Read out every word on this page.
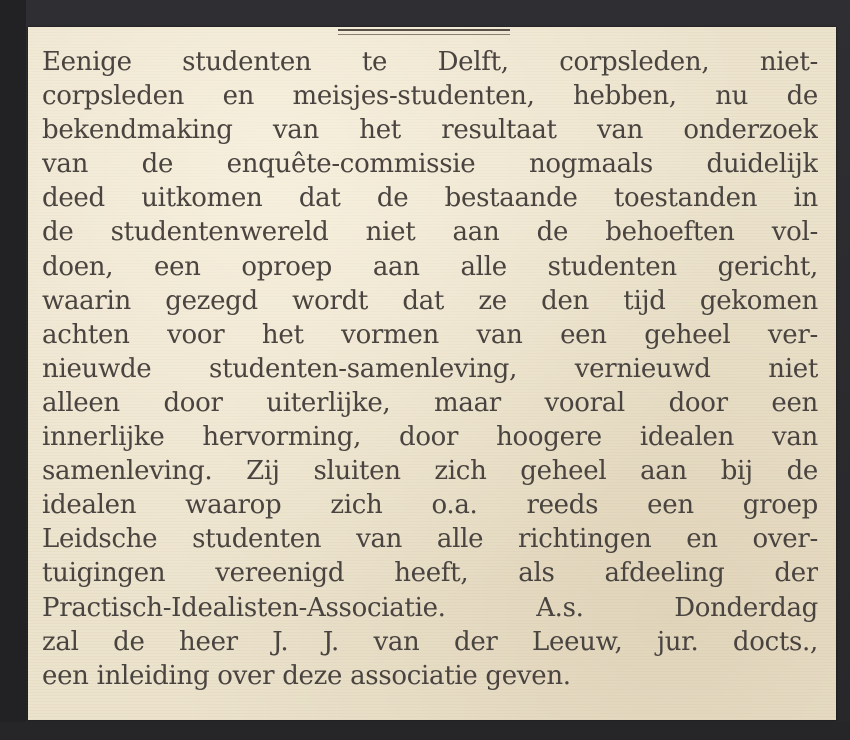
Eenige studenten te Delft, corpsleden, niet-
corpsleden en meisjes-studenten, hebben, nu de
bekendmaking van het resultaat van onderzoek
van de enquête-commissie nogmaals duidelijk
deed uitkomen dat de bestaande toestanden in
de studentenwereld niet aan de behoeften vol-
doen, een oproep aan alle studenten gericht,
waarin gezegd wordt dat ze den tijd gekomen
achten voor het vormen van een geheel ver-
nieuwde studenten-samenleving, vernieuwd niet
alleen door uiterlijke, maar vooral door een
innerlijke hervorming, door hoogere idealen van
samenleving. Zij sluiten zich geheel aan bij de
idealen waarop zich o.a. reeds een groep
Leidsche studenten van alle richtingen en over-
tuigingen vereenigd heeft, als afdeeling der
Practisch-Idealisten-Associatie. A.s. Donderdag
zal de heer J. J. van der Leeuw, jur. docts.,
een inleiding over deze associatie geven.
